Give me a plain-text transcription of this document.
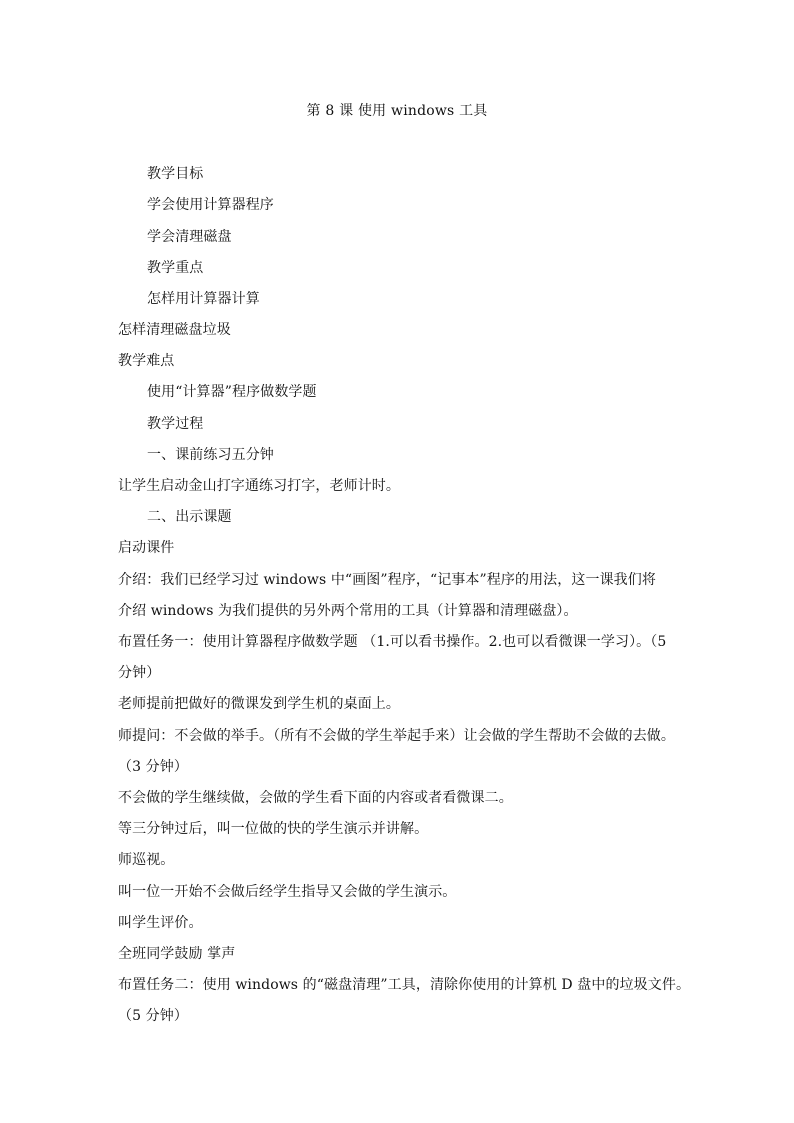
第 8 课 使用 windows 工具
教学目标
学会使用计算器程序
学会清理磁盘
教学重点
怎样用计算器计算
怎样清理磁盘垃圾
教学难点
使用“计算器”程序做数学题
教学过程
一、课前练习五分钟
让学生启动金山打字通练习打字，老师计时。
二、出示课题
启动课件
介绍：我们已经学习过 windows 中“画图”程序，“记事本”程序的用法，这一课我们将
介绍 windows 为我们提供的另外两个常用的工具（计算器和清理磁盘）。
布置任务一：使用计算器程序做数学题 （1.可以看书操作。2.也可以看微课一学习）。（5
分钟）
老师提前把做好的微课发到学生机的桌面上。
师提问：不会做的举手。（所有不会做的学生举起手来）让会做的学生帮助不会做的去做。
（3 分钟）
不会做的学生继续做，会做的学生看下面的内容或者看微课二。
等三分钟过后，叫一位做的快的学生演示并讲解。
师巡视。
叫一位一开始不会做后经学生指导又会做的学生演示。
叫学生评价。
全班同学鼓励 掌声
布置任务二：使用 windows 的“磁盘清理”工具，清除你使用的计算机 D 盘中的垃圾文件。
（5 分钟）
